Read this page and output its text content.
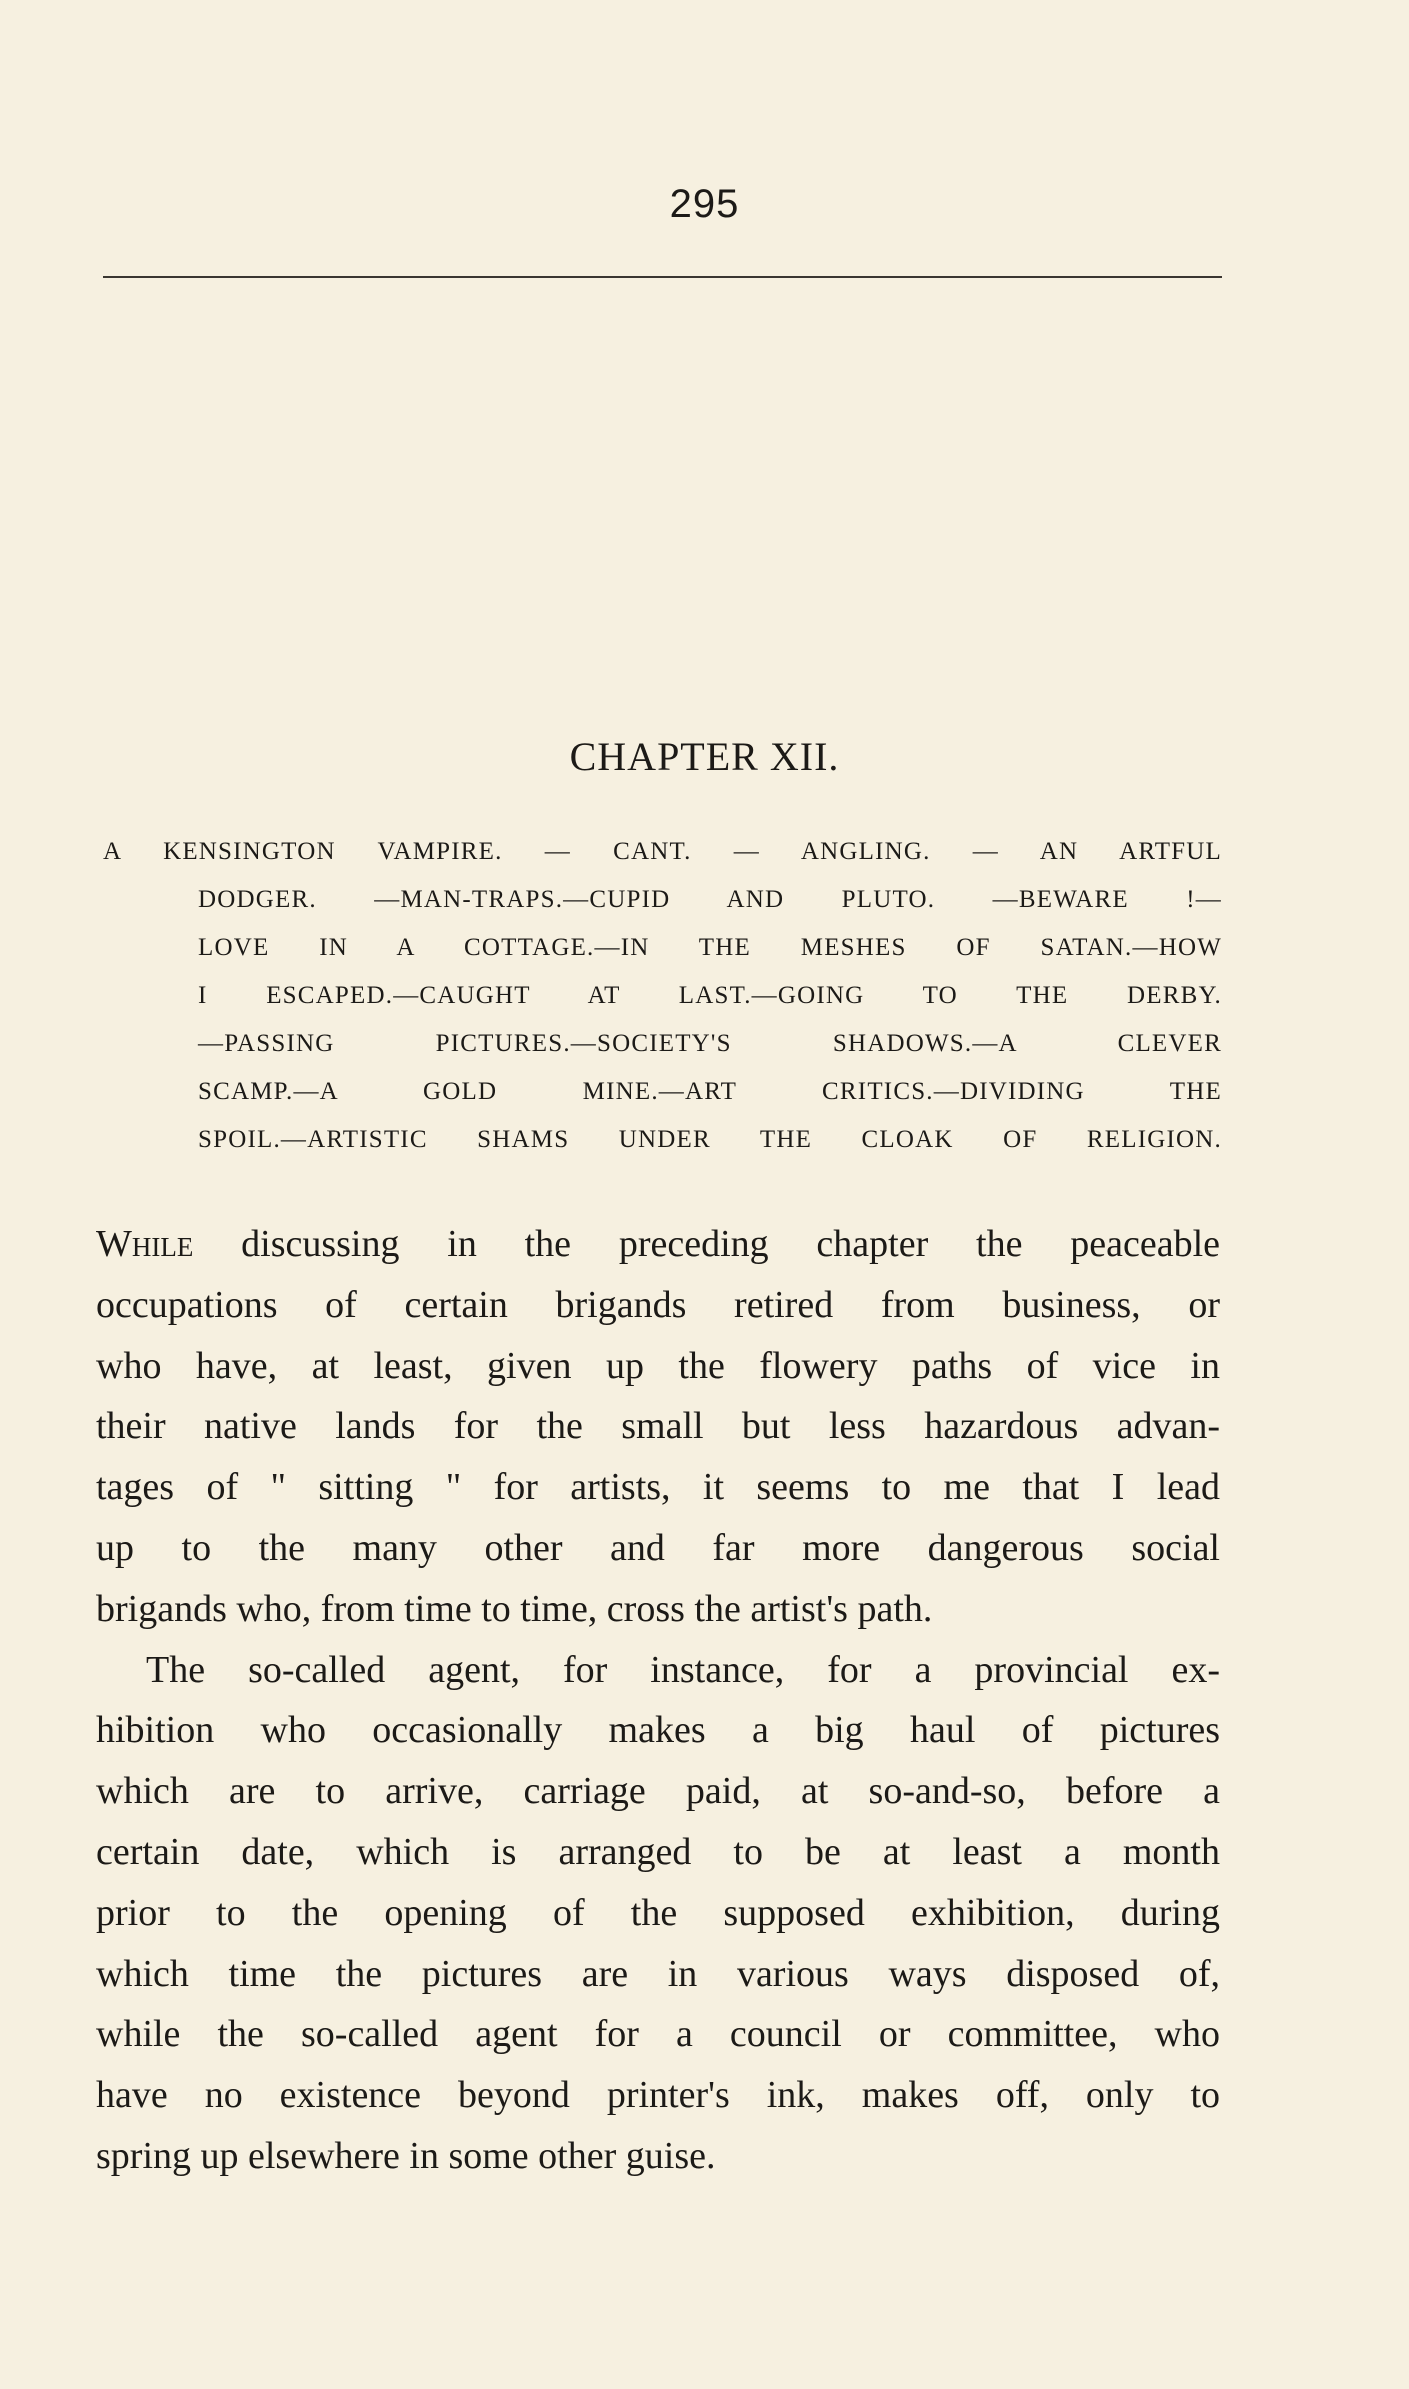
295
CHAPTER XII.
A KENSINGTON VAMPIRE. — CANT. — ANGLING. — AN ARTFUL
DODGER. —MAN-TRAPS.—CUPID AND PLUTO. —BEWARE !—
LOVE IN A COTTAGE.—IN THE MESHES OF SATAN.—HOW
I ESCAPED.—CAUGHT AT LAST.—GOING TO THE DERBY.
—PASSING PICTURES.—SOCIETY'S SHADOWS.—A CLEVER
SCAMP.—A GOLD MINE.—ART CRITICS.—DIVIDING THE
SPOIL.—ARTISTIC SHAMS UNDER THE CLOAK OF RELIGION.
While discussing in the preceding chapter the peaceable
occupations of certain brigands retired from business, or
who have, at least, given up the flowery paths of vice in
their native lands for the small but less hazardous advan-
tages of " sitting " for artists, it seems to me that I lead
up to the many other and far more dangerous social
brigands who, from time to time, cross the artist's path.
The so-called agent, for instance, for a provincial ex-
hibition who occasionally makes a big haul of pictures
which are to arrive, carriage paid, at so-and-so, before a
certain date, which is arranged to be at least a month
prior to the opening of the supposed exhibition, during
which time the pictures are in various ways disposed of,
while the so-called agent for a council or committee, who
have no existence beyond printer's ink, makes off, only to
spring up elsewhere in some other guise.
